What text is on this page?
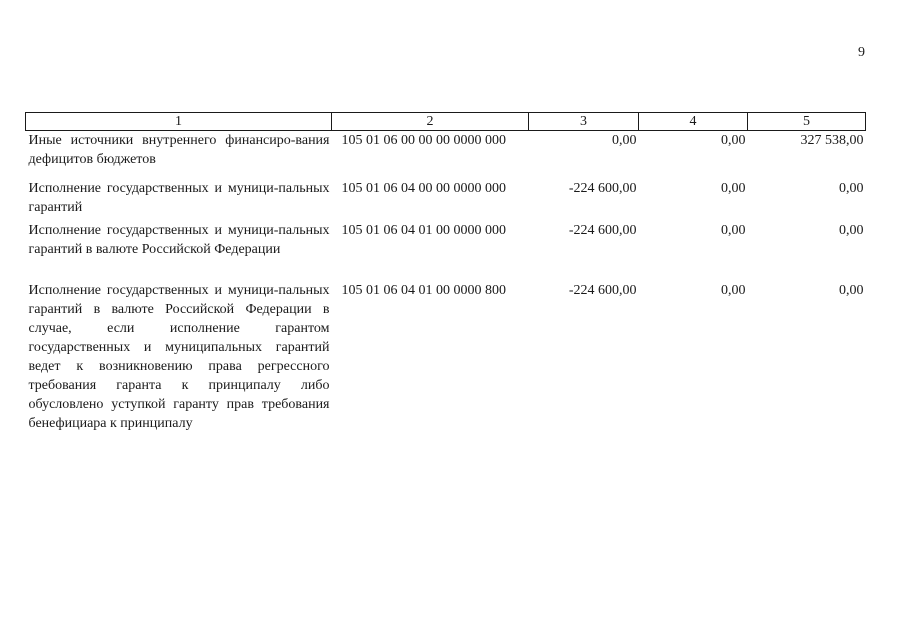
9
1	2	3	4	5
Иные источники внутреннего финансиро-вания дефицитов бюджетов	105 01 06 00 00 00 0000 000	0,00	0,00	327 538,00
Исполнение государственных и муници-пальных гарантий	105 01 06 04 00 00 0000 000	-224 600,00	0,00	0,00
Исполнение государственных и муници-пальных гарантий в валюте Российской Федерации	105 01 06 04 01 00 0000 000	-224 600,00	0,00	0,00
Исполнение государственных и муници-пальных гарантий в валюте Российской Федерации в случае, если исполнение гарантом государственных и муниципальных гарантий ведет к возникновению права регрессного требования гаранта к принципалу либо обусловлено уступкой гаранту прав требования бенефициара к принципалу	105 01 06 04 01 00 0000 800	-224 600,00	0,00	0,00
